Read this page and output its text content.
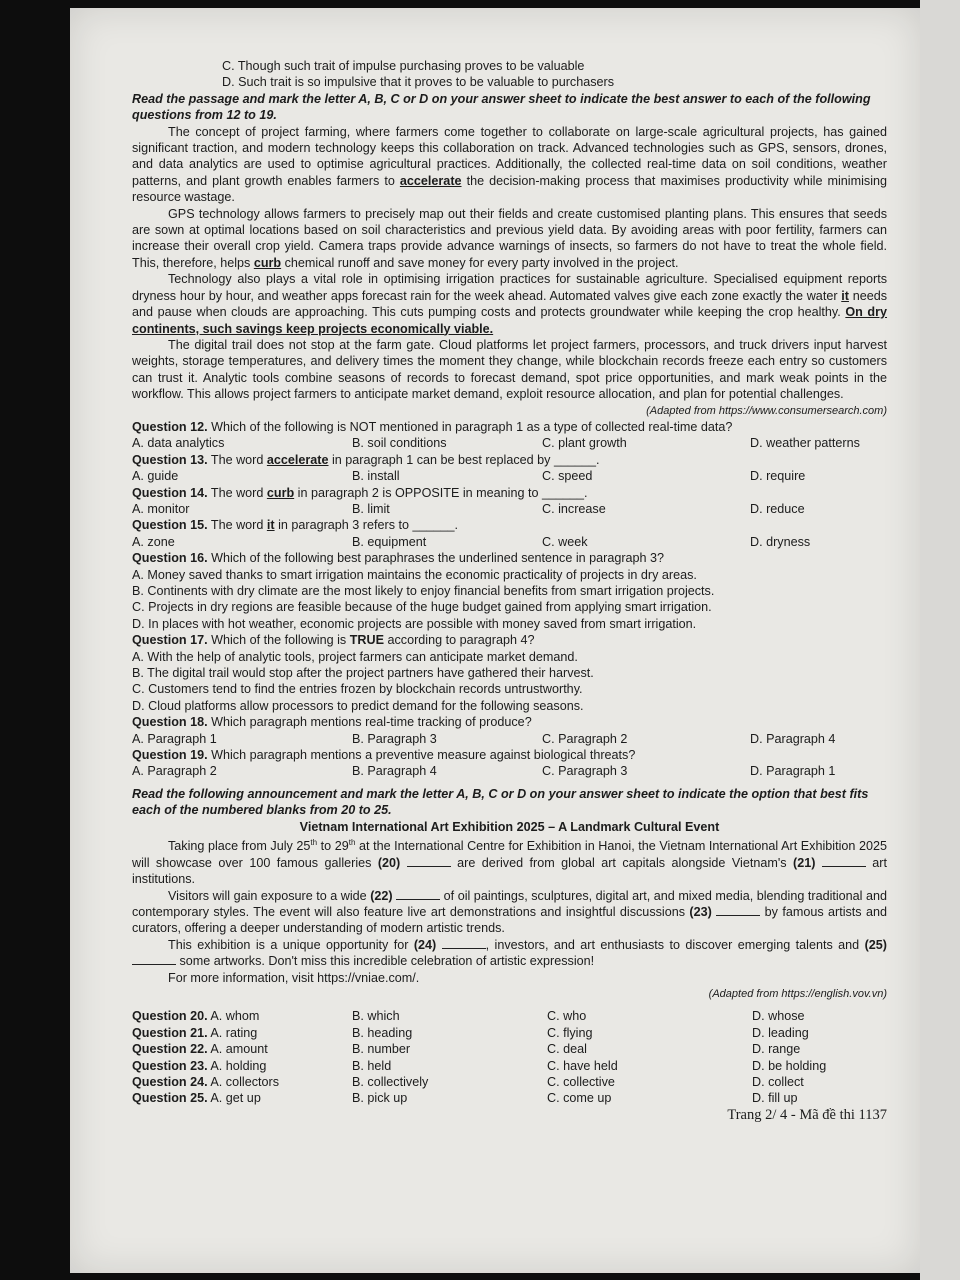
C. Though such trait of impulse purchasing proves to be valuable

D. Such trait is so impulsive that it proves to be valuable to purchasers

Read the passage and mark the letter A, B, C or D on your answer sheet to indicate the best answer to each of the following questions from 12 to 19.

The concept of project farming, where farmers come together to collaborate on large-scale agricultural projects, has gained significant traction, and modern technology keeps this collaboration on track. Advanced technologies such as GPS, sensors, drones, and data analytics are used to optimise agricultural practices. Additionally, the collected real-time data on soil conditions, weather patterns, and plant growth enables farmers to accelerate the decision-making process that maximises productivity while minimising resource wastage.

GPS technology allows farmers to precisely map out their fields and create customised planting plans. This ensures that seeds are sown at optimal locations based on soil characteristics and previous yield data. By avoiding areas with poor fertility, farmers can increase their overall crop yield. Camera traps provide advance warnings of insects, so farmers do not have to treat the whole field. This, therefore, helps curb chemical runoff and save money for every party involved in the project.

Technology also plays a vital role in optimising irrigation practices for sustainable agriculture. Specialised equipment reports dryness hour by hour, and weather apps forecast rain for the week ahead. Automated valves give each zone exactly the water it needs and pause when clouds are approaching. This cuts pumping costs and protects groundwater while keeping the crop healthy. On dry continents, such savings keep projects economically viable.

The digital trail does not stop at the farm gate. Cloud platforms let project farmers, processors, and truck drivers input harvest weights, storage temperatures, and delivery times the moment they change, while blockchain records freeze each entry so customers can trust it. Analytic tools combine seasons of records to forecast demand, spot price opportunities, and mark weak points in the workflow. This allows project farmers to anticipate market demand, exploit resource allocation, and plan for potential challenges.

(Adapted from https://www.consumersearch.com)

Question 12. Which of the following is NOT mentioned in paragraph 1 as a type of collected real-time data?

A. data analytics	B. soil conditions	C. plant growth	D. weather patterns

Question 13. The word accelerate in paragraph 1 can be best replaced by ______.

A. guide	B. install	C. speed	D. require

Question 14. The word curb in paragraph 2 is OPPOSITE in meaning to ______.

A. monitor	B. limit	C. increase	D. reduce

Question 15. The word it in paragraph 3 refers to ______.

A. zone	B. equipment	C. week	D. dryness

Question 16. Which of the following best paraphrases the underlined sentence in paragraph 3?

A. Money saved thanks to smart irrigation maintains the economic practicality of projects in dry areas.

B. Continents with dry climate are the most likely to enjoy financial benefits from smart irrigation projects.

C. Projects in dry regions are feasible because of the huge budget gained from applying smart irrigation.

D. In places with hot weather, economic projects are possible with money saved from smart irrigation.

Question 17. Which of the following is TRUE according to paragraph 4?

A. With the help of analytic tools, project farmers can anticipate market demand.

B. The digital trail would stop after the project partners have gathered their harvest.

C. Customers tend to find the entries frozen by blockchain records untrustworthy.

D. Cloud platforms allow processors to predict demand for the following seasons.

Question 18. Which paragraph mentions real-time tracking of produce?

A. Paragraph 1	B. Paragraph 3	C. Paragraph 2	D. Paragraph 4

Question 19. Which paragraph mentions a preventive measure against biological threats?

A. Paragraph 2	B. Paragraph 4	C. Paragraph 3	D. Paragraph 1

Read the following announcement and mark the letter A, B, C or D on your answer sheet to indicate the option that best fits each of the numbered blanks from 20 to 25.

Vietnam International Art Exhibition 2025 – A Landmark Cultural Event

Taking place from July 25th to 29th at the International Centre for Exhibition in Hanoi, the Vietnam International Art Exhibition 2025 will showcase over 100 famous galleries (20)	are derived from global art capitals alongside Vietnam's (21)	art institutions.

Visitors will gain exposure to a wide (22)	of oil paintings, sculptures, digital art, and mixed media, blending traditional and contemporary styles. The event will also feature live art demonstrations and insightful discussions (23)	by famous artists and curators, offering a deeper understanding of modern artistic trends.

This exhibition is a unique opportunity for (24)	, investors, and art enthusiasts to discover emerging talents and (25)  some artworks. Don't miss this incredible celebration of artistic expression!

For more information, visit https://vniae.com/.

(Adapted from https://english.vov.vn)

Question 20. A. whom	B. which	C. who	D. whose
Question 21. A. rating	B. heading	C. flying	D. leading
Question 22. A. amount	B. number	C. deal	D. range
Question 23. A. holding	B. held	C. have held	D. be holding
Question 24. A. collectors	B. collectively	C. collective	D. collect
Question 25. A. get up	B. pick up	C. come up	D. fill up

Trang 2/ 4 - Mã đề thi 1137
